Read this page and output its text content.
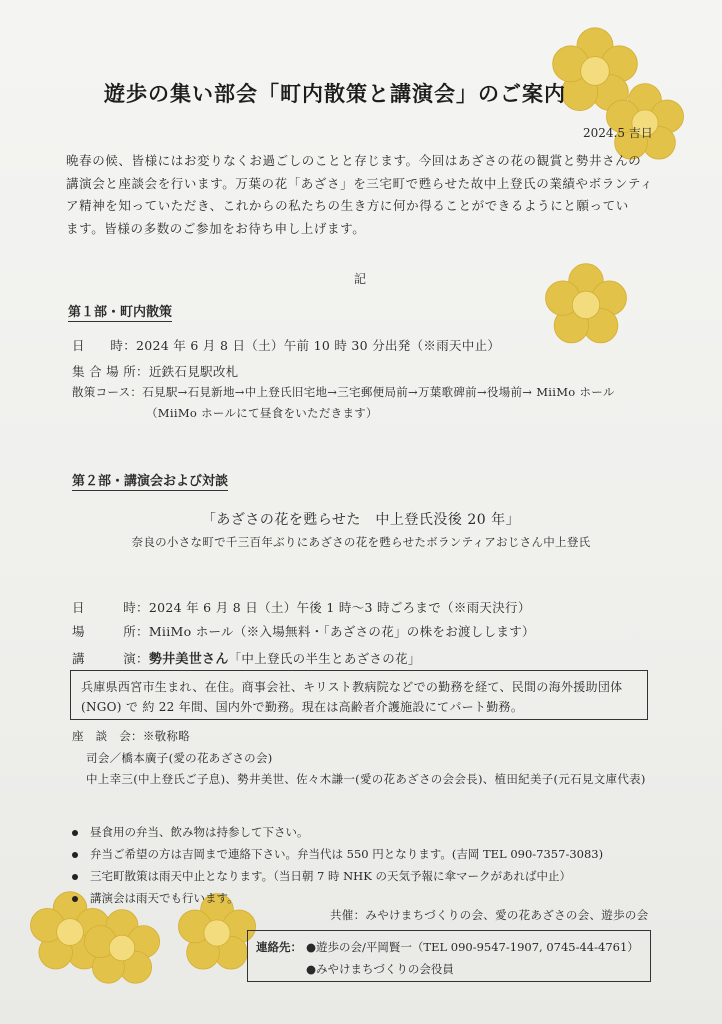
遊歩の集い部会「町内散策と講演会」のご案内
2024.5 吉日
晩春の候、皆様にはお変りなくお過ごしのことと存じます。今回はあざさの花の観賞と勢井さんの
講演会と座談会を行います。万葉の花「あざさ」を三宅町で甦らせた故中上登氏の業績やボランティ
ア精神を知っていただき、これからの私たちの生き方に何か得ることができるようにと願ってい
ます。皆様の多数のご参加をお待ち申し上げます。
記
第１部・町内散策
日　　時：2024 年 6 月 8 日（土）午前 10 時 30 分出発（※雨天中止）
集 合 場 所：近鉄石見駅改札
散策コース：石見駅→石見新地→中上登氏旧宅地→三宅郵便局前→万葉歌碑前→役場前→ MiiMo ホール
（MiiMo ホールにて昼食をいただきます）
第２部・講演会および対談
「あざさの花を甦らせた　中上登氏没後 20 年」
奈良の小さな町で千三百年ぶりにあざさの花を甦らせたボランティアおじさん中上登氏
日　　　時：2024 年 6 月 8 日（土）午後 1 時～3 時ごろまで（※雨天決行）
場　　　所：MiiMo ホール（※入場無料・「あざさの花」の株をお渡しします）
講　　　演：勢井美世さん「中上登氏の半生とあざさの花」
兵庫県西宮市生まれ、在住。商事会社、キリスト教病院などでの勤務を経て、民間の海外援助団体
(NGO) で 約 22 年間、国内外で勤務。現在は高齢者介護施設にてパート勤務。
座　談　会：※敬称略
司会／橋本廣子(愛の花あざさの会)
中上幸三(中上登氏ご子息)、勢井美世、佐々木謙一(愛の花あざさの会会長)、植田紀美子(元石見文庫代表)
昼食用の弁当、飲み物は持参して下さい。
弁当ご希望の方は吉岡まで連絡下さい。弁当代は 550 円となります。(吉岡 TEL 090-7357-3083)
三宅町散策は雨天中止となります。（当日朝 7 時 NHK の天気予報に傘マークがあれば中止）
講演会は雨天でも行います。
共催：みやけまちづくりの会、愛の花あざさの会、遊歩の会
連絡先： ●遊歩の会/平岡賢一（TEL 090-9547-1907, 0745-44-4761）
●みやけまちづくりの会役員
